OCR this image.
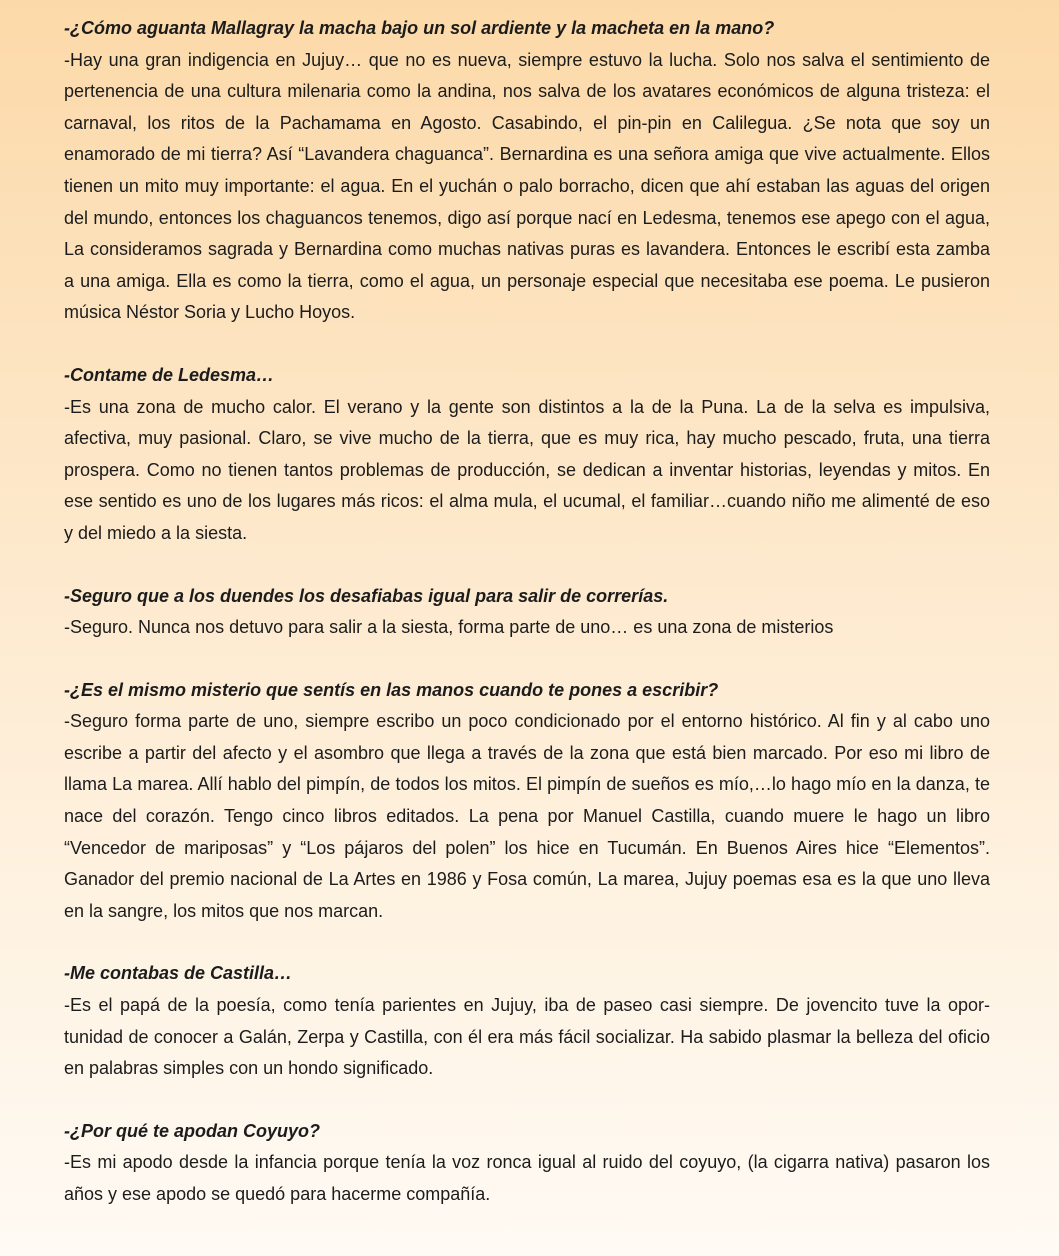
-¿Cómo aguanta Mallagray la macha bajo un sol ardiente y la macheta en la mano?

-Hay una gran indigencia en Jujuy… que no es nueva, siempre estuvo la lucha. Solo nos salva el sentimiento de pertenencia de una cultura milenaria como la andina, nos salva de los avatares económicos de alguna tristeza: el carnaval, los ritos de la Pachamama en Agosto. Casabindo, el pin-pin en Calilegua. ¿Se nota que soy un enamorado de mi tierra? Así “Lavandera chaguanca”. Bernardina es una señora amiga que vive actualmente. Ellos tienen un mito muy importante: el agua. En el yuchán o palo borracho, dicen que ahí estaban las aguas del origen del mundo, entonces los chaguancos tenemos, digo así porque nací en Ledesma, tenemos ese apego con el agua, La consideramos sagrada y Bernardina como muchas nativas puras es lavandera. Entonces le escribí esta zamba a una amiga. Ella es como la tierra, como el agua, un personaje especial que necesitaba ese poema. Le pusieron música Néstor Soria y Lucho Hoyos.

-Contame de Ledesma…

-Es una zona de mucho calor. El verano y la gente son distintos a la de la Puna. La de la selva es impulsiva, afectiva, muy pasional. Claro, se vive mucho de la tierra, que es muy rica, hay mucho pescado, fruta, una tierra prospera. Como no tienen tantos problemas de producción, se dedican a inventar historias, leyendas y mitos. En ese sentido es uno de los lugares más ricos: el alma mula, el ucumal, el familiar…cuando niño me alimenté de eso y del miedo a la siesta.

-Seguro que a los duendes los desafiabas igual para salir de correrías.

-Seguro. Nunca nos detuvo para salir a la siesta, forma parte de uno… es una zona de misterios

-¿Es el mismo misterio que sentís en las manos cuando te pones a escribir?

-Seguro forma parte de uno, siempre escribo un poco condicionado por el entorno histórico. Al fin y al cabo uno escribe a partir del afecto y el asombro que llega a través de la zona que está bien marcado. Por eso mi libro de llama La marea. Allí hablo del pimpín, de todos los mitos. El pimpín de sueños es mío,…lo hago mío en la danza, te nace del corazón. Tengo cinco libros editados. La pena por Manuel Castilla, cuando muere le hago un libro “Vencedor de mariposas” y “Los pájaros del polen” los hice en Tucumán. En Buenos Aires hice “Elementos”. Ganador del premio nacional de La Artes en 1986 y Fosa común, La marea, Jujuy poemas esa es la que uno lleva en la sangre, los mitos que nos marcan.

-Me contabas de Castilla…

-Es el papá de la poesía, como tenía parientes en Jujuy, iba de paseo casi siempre. De jovencito tuve la oportunidad de conocer a Galán, Zerpa y Castilla, con él era más fácil socializar. Ha sabido plasmar la belleza del oficio en palabras simples con un hondo significado.

-¿Por qué te apodan Coyuyo?

-Es mi apodo desde la infancia porque tenía la voz ronca igual al ruido del coyuyo, (la cigarra nativa) pasaron los años y ese apodo se quedó para hacerme compañía.
